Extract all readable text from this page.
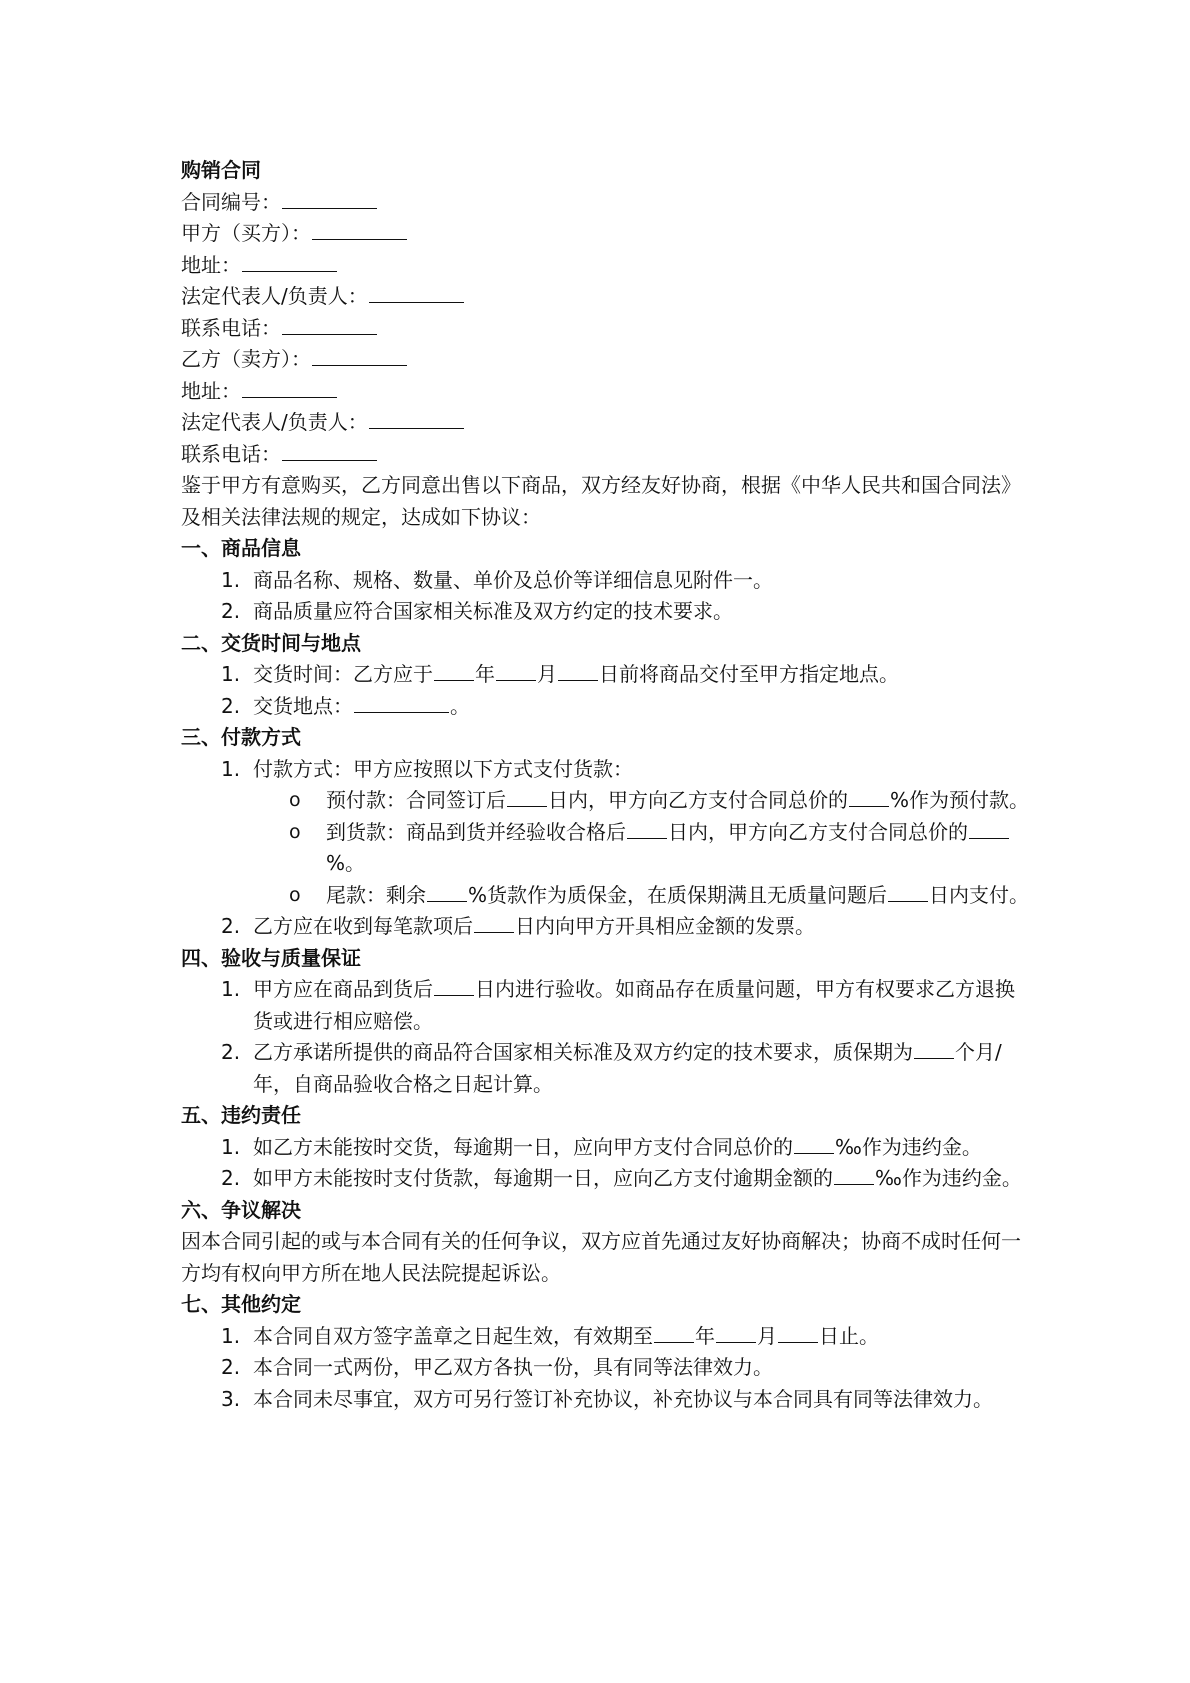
购销合同
合同编号：
甲方（买方）：
地址：
法定代表人/负责人：
联系电话：
乙方（卖方）：
地址：
法定代表人/负责人：
联系电话：
鉴于甲方有意购买，乙方同意出售以下商品，双方经友好协商，根据《中华人民共和国合同法》及相关法律法规的规定，达成如下协议：
一、商品信息
1. 商品名称、规格、数量、单价及总价等详细信息见附件一。
2. 商品质量应符合国家相关标准及双方约定的技术要求。
二、交货时间与地点
1. 交货时间：乙方应于 年 月 日前将商品交付至甲方指定地点。
2. 交货地点：	。
三、付款方式
1. 付款方式：甲方应按照以下方式支付货款：
o 预付款：合同签订后 日内，甲方向乙方支付合同总价的 %作为预付款。
o 到货款：商品到货并经验收合格后 日内，甲方向乙方支付合同总价的%。
o 尾款：剩余 %货款作为质保金，在质保期满且无质量问题后 日内支付。
2. 乙方应在收到每笔款项后 日内向甲方开具相应金额的发票。
四、验收与质量保证
1. 甲方应在商品到货后 日内进行验收。如商品存在质量问题，甲方有权要求乙方退换货或进行相应赔偿。
2. 乙方承诺所提供的商品符合国家相关标准及双方约定的技术要求，质保期为 个月/年，自商品验收合格之日起计算。
五、违约责任
1. 如乙方未能按时交货，每逾期一日，应向甲方支付合同总价的 ‰作为违约金。
2. 如甲方未能按时支付货款，每逾期一日，应向乙方支付逾期金额的 ‰作为违约金。
六、争议解决
因本合同引起的或与本合同有关的任何争议，双方应首先通过友好协商解决；协商不成时任何一方均有权向甲方所在地人民法院提起诉讼。
七、其他约定
1. 本合同自双方签字盖章之日起生效，有效期至 年 月 日止。
2. 本合同一式两份，甲乙双方各执一份，具有同等法律效力。
3. 本合同未尽事宜，双方可另行签订补充协议，补充协议与本合同具有同等法律效力。
